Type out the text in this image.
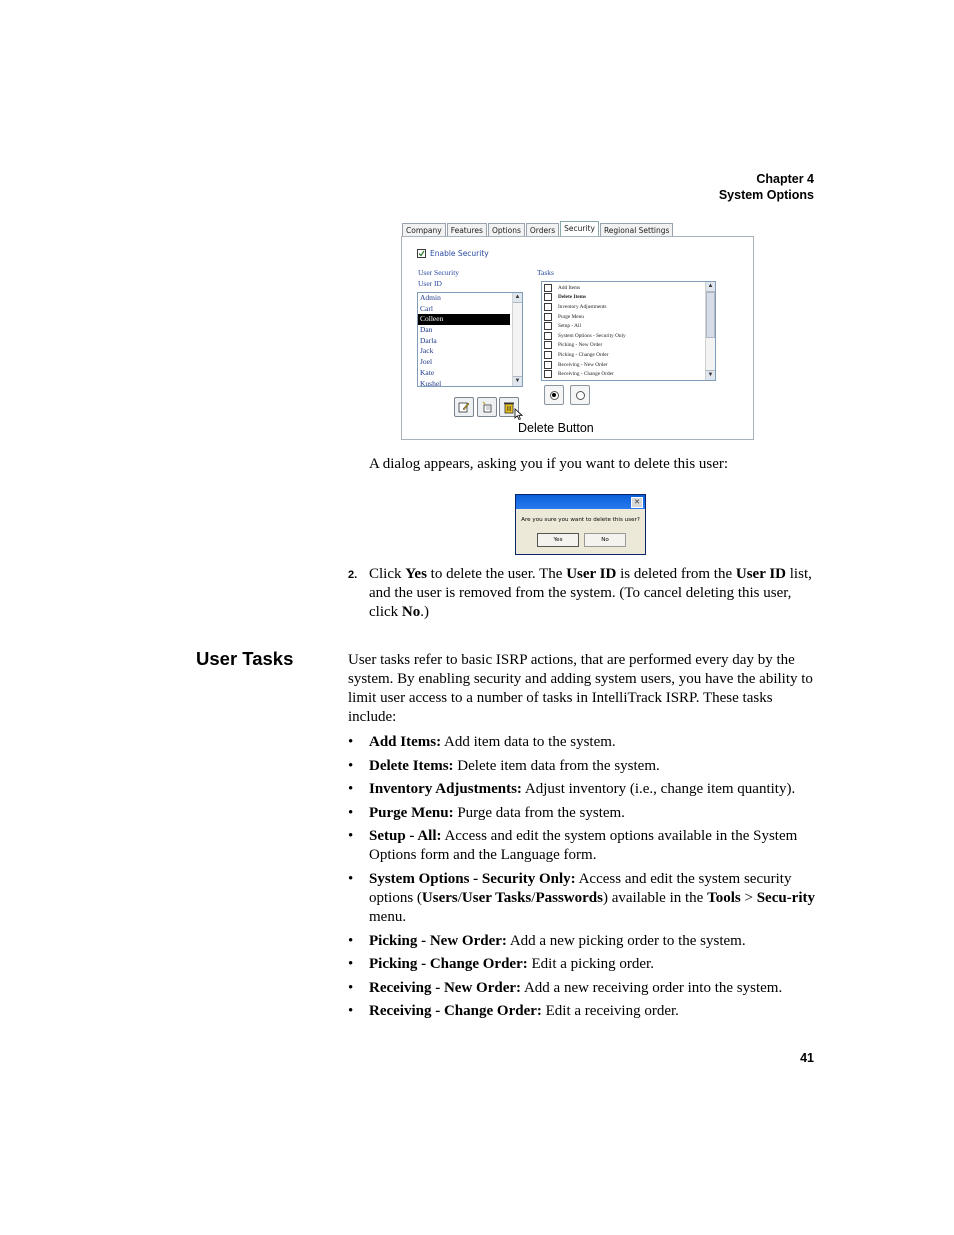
Chapter 4
System Options
Company	Features	Options	Orders	Security	Regional Settings
Enable Security
User Security
User ID
Tasks
Admin
Carl
Colleen
Dan
Darla
Jack
Joel
Kate
Kushel
▲
▼
Add Items
Delete Items
Inventory Adjustments
Purge Menu
Setup - All
System Options - Security Only
Picking - New Order
Picking - Change Order
Receiving - New Order
Receiving - Change Order
▲
▼
Delete Button
A dialog appears, asking you if you want to delete this user:
✕
Are you sure you want to delete this user?
Yes	No
2. Click Yes to delete the user. The User ID is deleted from the User ID list, and the user is removed from the system. (To cancel deleting this user, click No.)
User Tasks	User tasks refer to basic ISRP actions, that are performed every day by the system. By enabling security and adding system users, you have the ability to limit user access to a number of tasks in IntelliTrack ISRP. These tasks include:
• Add Items: Add item data to the system.
• Delete Items: Delete item data from the system.
• Inventory Adjustments: Adjust inventory (i.e., change item quantity).
• Purge Menu: Purge data from the system.
• Setup - All: Access and edit the system options available in the System Options form and the Language form.
• System Options - Security Only: Access and edit the system security options (Users/User Tasks/Passwords) available in the Tools > Secu-rity menu.
• Picking - New Order: Add a new picking order to the system.
• Picking - Change Order: Edit a picking order.
• Receiving - New Order: Add a new receiving order into the system.
• Receiving - Change Order: Edit a receiving order.
41
